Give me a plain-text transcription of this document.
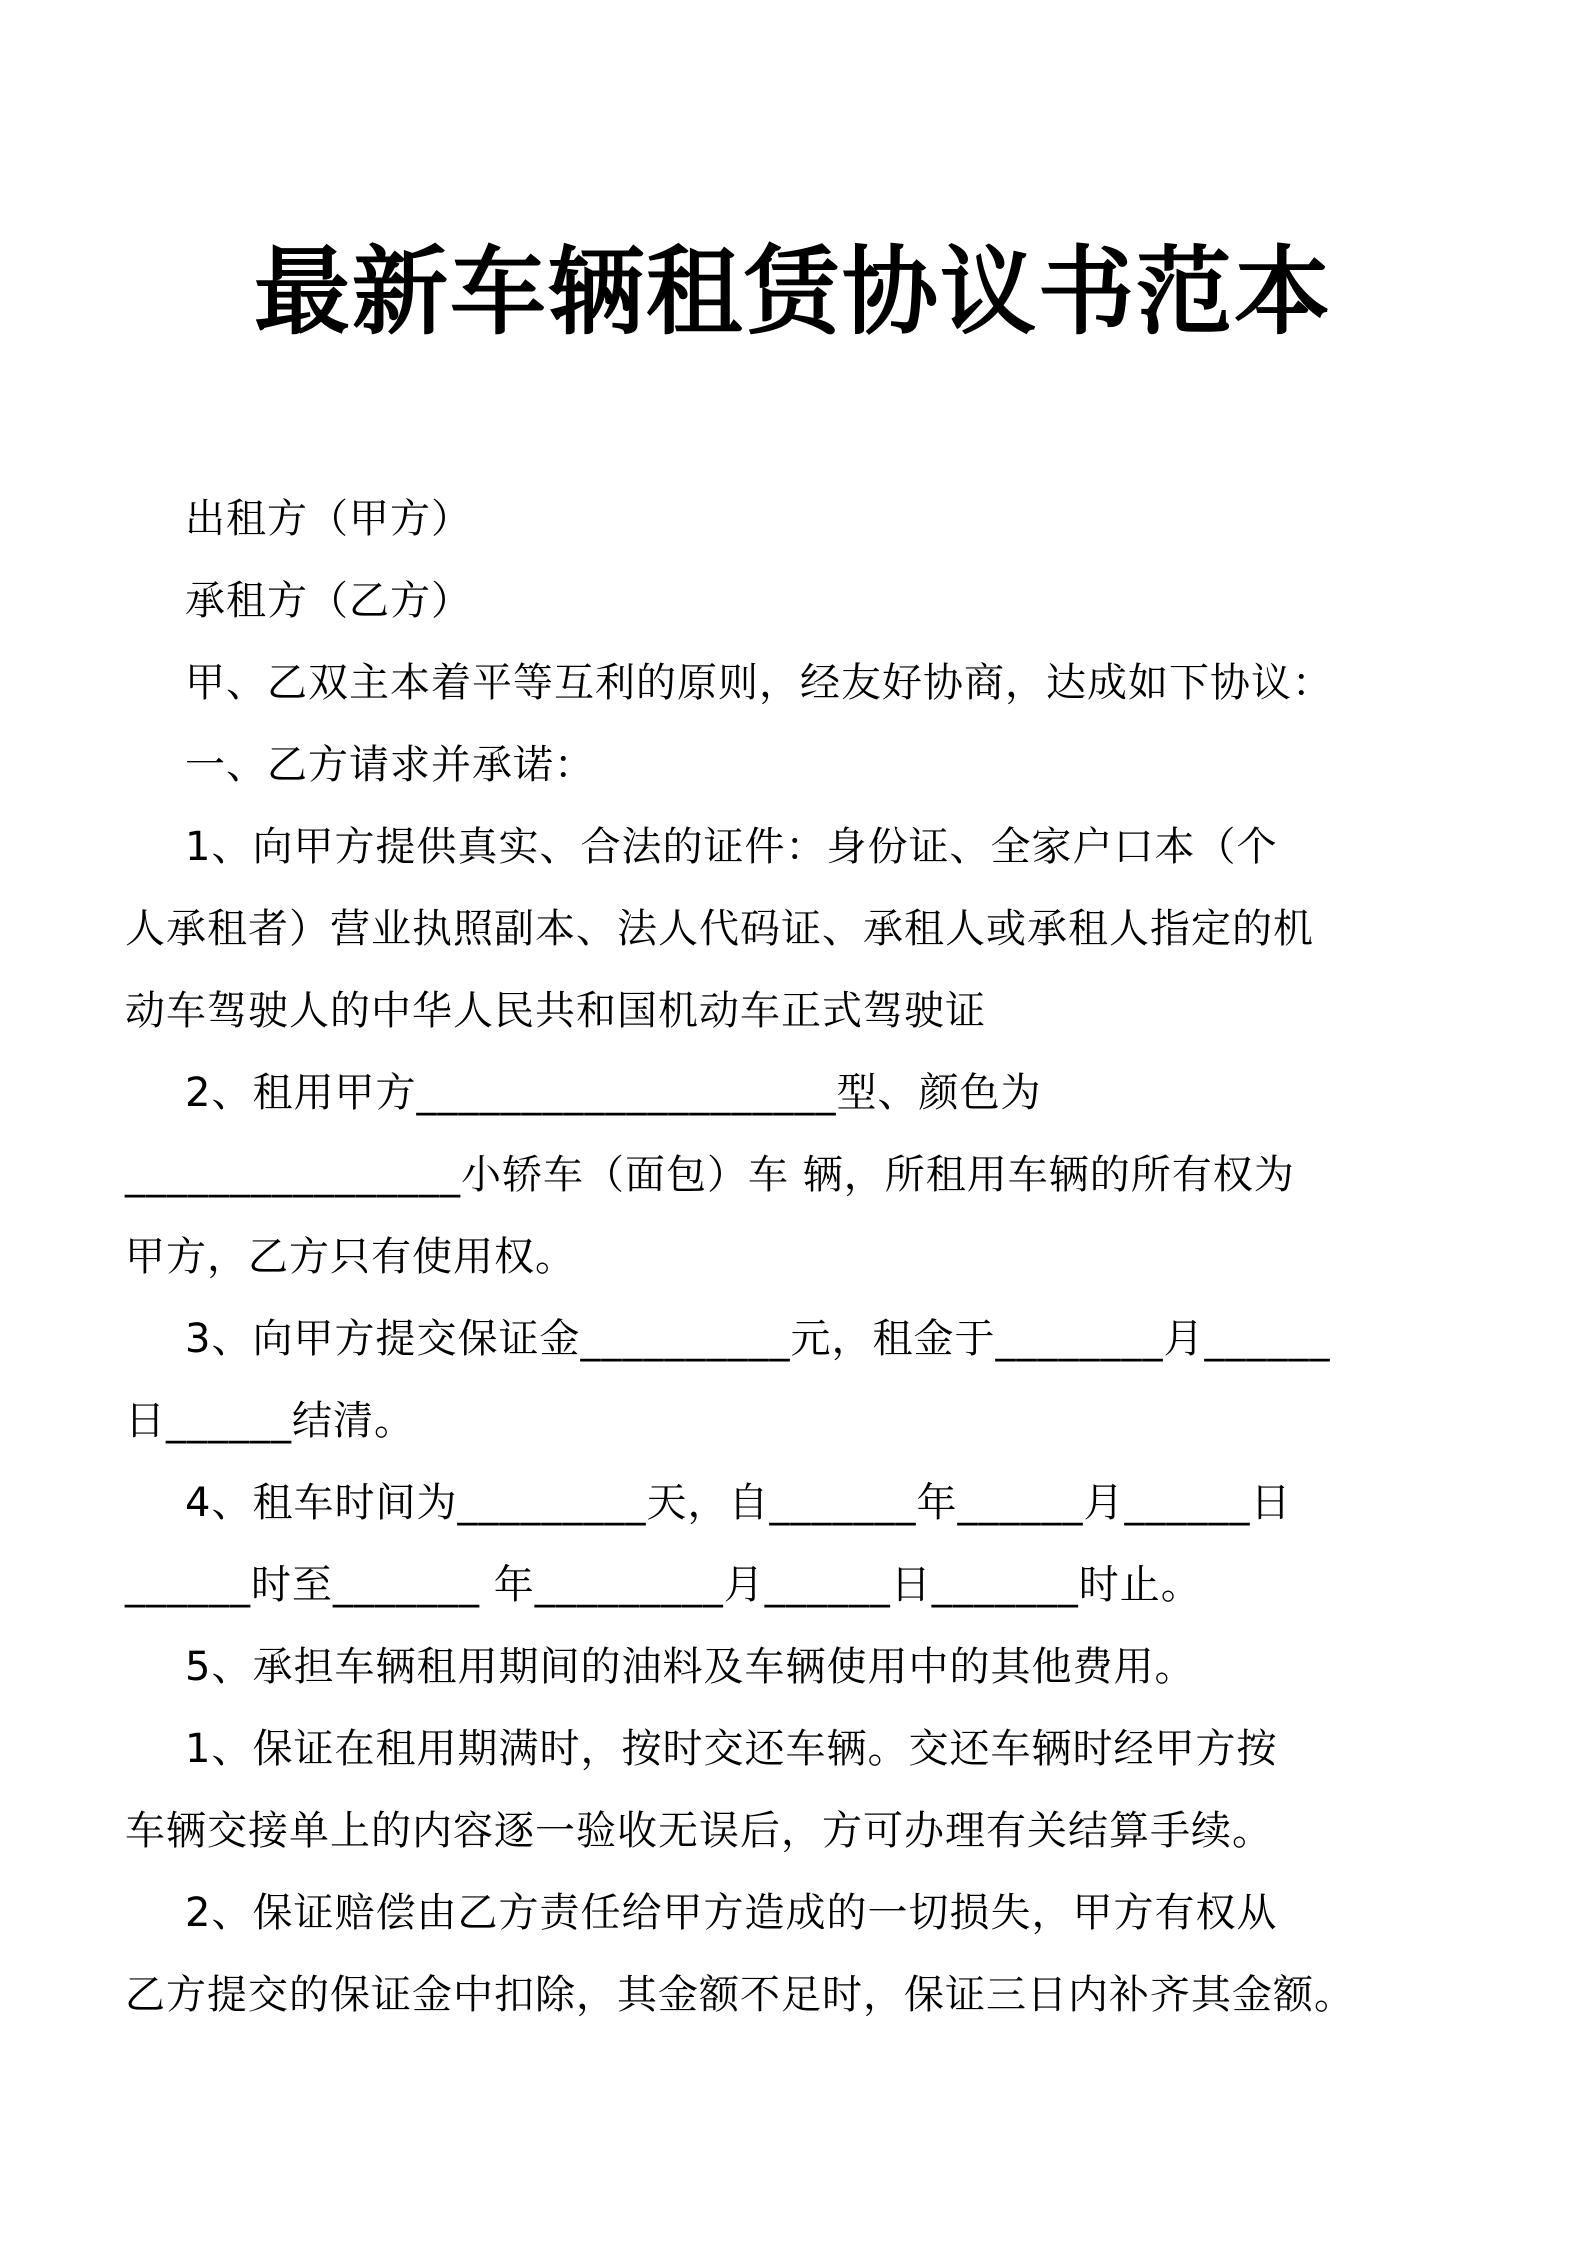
最新车辆租赁协议书范本

出租方（甲方）

承租方（乙方）

甲、乙双主本着平等互利的原则，经友好协商，达成如下协议：

一、乙方请求并承诺：

1、向甲方提供真实、合法的证件：身份证、全家户口本（个

人承租者）营业执照副本、法人代码证、承租人或承租人指定的机

动车驾驶人的中华人民共和国机动车正式驾驶证

2、租用甲方____________________型、颜色为

________________小轿车（面包）车 辆，所租用车辆的所有权为

甲方，乙方只有使用权。

3、向甲方提交保证金__________元，租金于________月______

日______结清。

4、租车时间为_________天，自_______年______月______日

______时至_______ 年_________月______日_______时止。

5、承担车辆租用期间的油料及车辆使用中的其他费用。

1、保证在租用期满时，按时交还车辆。交还车辆时经甲方按

车辆交接单上的内容逐一验收无误后，方可办理有关结算手续。

2、保证赔偿由乙方责任给甲方造成的一切损失，甲方有权从

乙方提交的保证金中扣除，其金额不足时，保证三日内补齐其金额。
